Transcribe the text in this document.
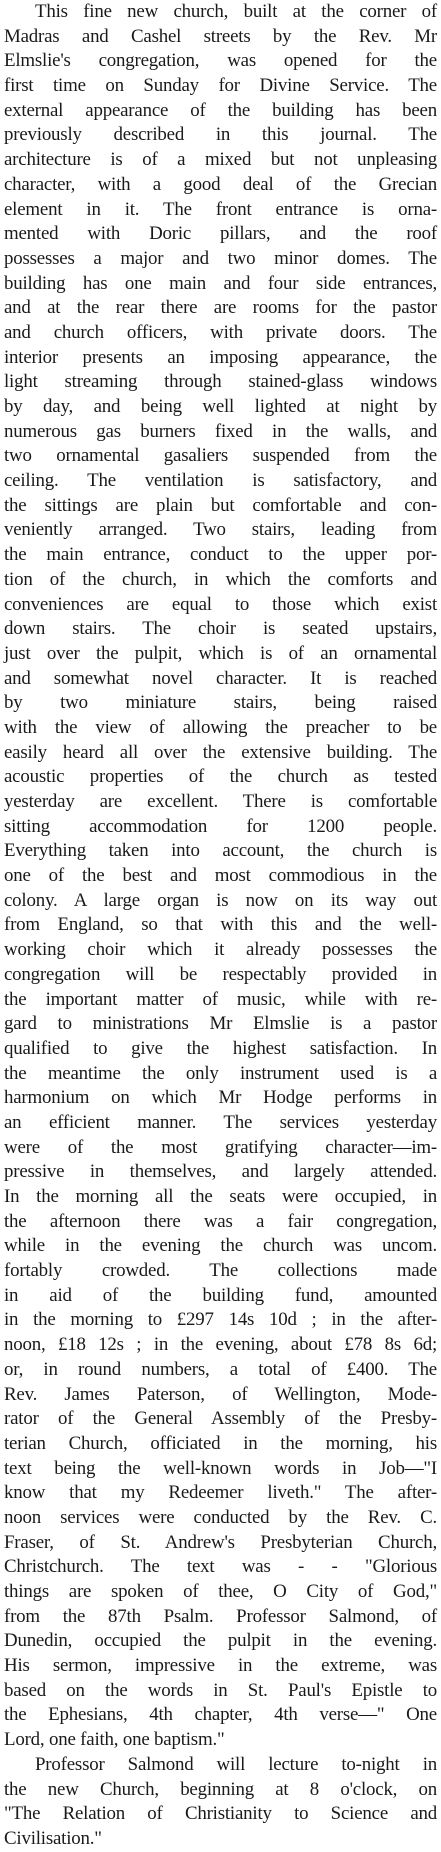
This fine new church, built at the corner of
Madras and Cashel streets by the Rev. Mr
Elmslie's congregation, was opened for the
first time on Sunday for Divine Service. The
external appearance of the building has been
previously described in this journal. The
architecture is of a mixed but not unpleasing
character, with a good deal of the Grecian
element in it. The front entrance is orna-
mented with Doric pillars, and the roof
possesses a major and two minor domes. The
building has one main and four side entrances,
and at the rear there are rooms for the pastor
and church officers, with private doors. The
interior presents an imposing appearance, the
light streaming through stained-glass windows
by day, and being well lighted at night by
numerous gas burners fixed in the walls, and
two ornamental gasaliers suspended from the
ceiling. The ventilation is satisfactory, and
the sittings are plain but comfortable and con-
veniently arranged. Two stairs, leading from
the main entrance, conduct to the upper por-
tion of the church, in which the comforts and
conveniences are equal to those which exist
down stairs. The choir is seated upstairs,
just over the pulpit, which is of an ornamental
and somewhat novel character. It is reached
by two miniature stairs, being raised
with the view of allowing the preacher to be
easily heard all over the extensive building. The
acoustic properties of the church as tested
yesterday are excellent. There is comfortable
sitting accommodation for 1200 people.
Everything taken into account, the church is
one of the best and most commodious in the
colony. A large organ is now on its way out
from England, so that with this and the well-
working choir which it already possesses the
congregation will be respectably provided in
the important matter of music, while with re-
gard to ministrations Mr Elmslie is a pastor
qualified to give the highest satisfaction. In
the meantime the only instrument used is a
harmonium on which Mr Hodge performs in
an efficient manner. The services yesterday
were of the most gratifying character—im-
pressive in themselves, and largely attended.
In the morning all the seats were occupied, in
the afternoon there was a fair congregation,
while in the evening the church was uncom.
fortably crowded. The collections made
in aid of the building fund, amounted
in the morning to £297 14s 10d ; in the after-
noon, £18 12s ; in the evening, about £78 8s 6d;
or, in round numbers, a total of £400. The
Rev. James Paterson, of Wellington, Mode-
rator of the General Assembly of the Presby-
terian Church, officiated in the morning, his
text being the well-known words in Job—"I
know that my Redeemer liveth." The after-
noon services were conducted by the Rev. C.
Fraser, of St. Andrew's Presbyterian Church,
Christchurch. The text was - - "Glorious
things are spoken of thee, O City of God,"
from the 87th Psalm. Professor Salmond, of
Dunedin, occupied the pulpit in the evening.
His sermon, impressive in the extreme, was
based on the words in St. Paul's Epistle to
the Ephesians, 4th chapter, 4th verse—" One
Lord, one faith, one baptism."
Professor Salmond will lecture to-night in
the new Church, beginning at 8 o'clock, on
"The Relation of Christianity to Science and
Civilisation."
